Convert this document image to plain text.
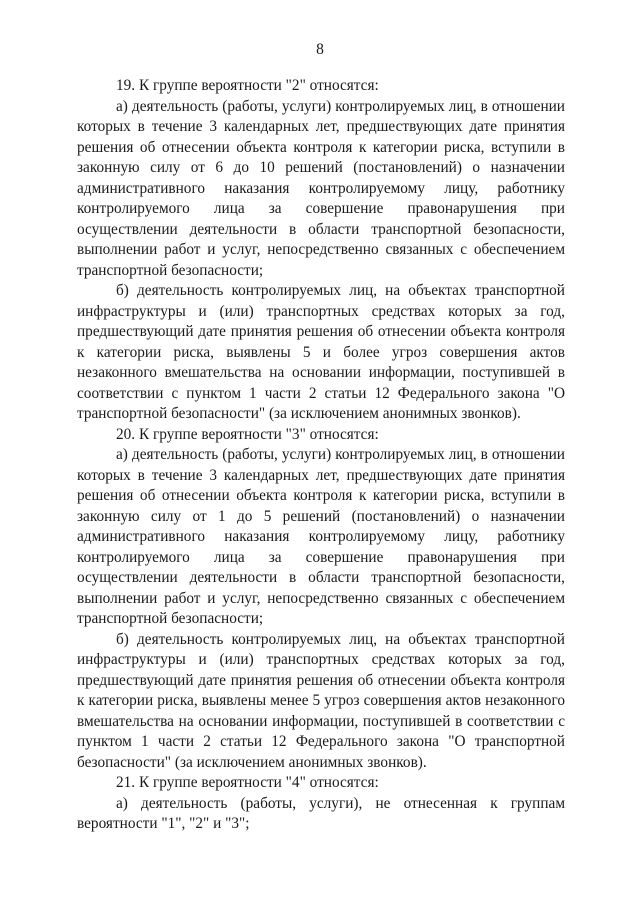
8

19. К группе вероятности "2" относятся:

а) деятельность (работы, услуги) контролируемых лиц, в отношении которых в течение 3 календарных лет, предшествующих дате принятия решения об отнесении объекта контроля к категории риска, вступили в законную силу от 6 до 10 решений (постановлений) о назначении административного наказания контролируемому лицу, работнику контролируемого лица за совершение правонарушения при осуществлении деятельности в области транспортной безопасности, выполнении работ и услуг, непосредственно связанных с обеспечением транспортной безопасности;

б) деятельность контролируемых лиц, на объектах транспортной инфраструктуры и (или) транспортных средствах которых за год, предшествующий дате принятия решения об отнесении объекта контроля к категории риска, выявлены 5 и более угроз совершения актов незаконного вмешательства на основании информации, поступившей в соответствии с пунктом 1 части 2 статьи 12 Федерального закона "О транспортной безопасности" (за исключением анонимных звонков).

20. К группе вероятности "3" относятся:

а) деятельность (работы, услуги) контролируемых лиц, в отношении которых в течение 3 календарных лет, предшествующих дате принятия решения об отнесении объекта контроля к категории риска, вступили в законную силу от 1 до 5 решений (постановлений) о назначении административного наказания контролируемому лицу, работнику контролируемого лица за совершение правонарушения при осуществлении деятельности в области транспортной безопасности, выполнении работ и услуг, непосредственно связанных с обеспечением транспортной безопасности;

б) деятельность контролируемых лиц, на объектах транспортной инфраструктуры и (или) транспортных средствах которых за год, предшествующий дате принятия решения об отнесении объекта контроля к категории риска, выявлены менее 5 угроз совершения актов незаконного вмешательства на основании информации, поступившей в соответствии с пунктом 1 части 2 статьи 12 Федерального закона "О транспортной безопасности" (за исключением анонимных звонков).

21. К группе вероятности "4" относятся:

а) деятельность (работы, услуги), не отнесенная к группам вероятности "1", "2" и "3";
